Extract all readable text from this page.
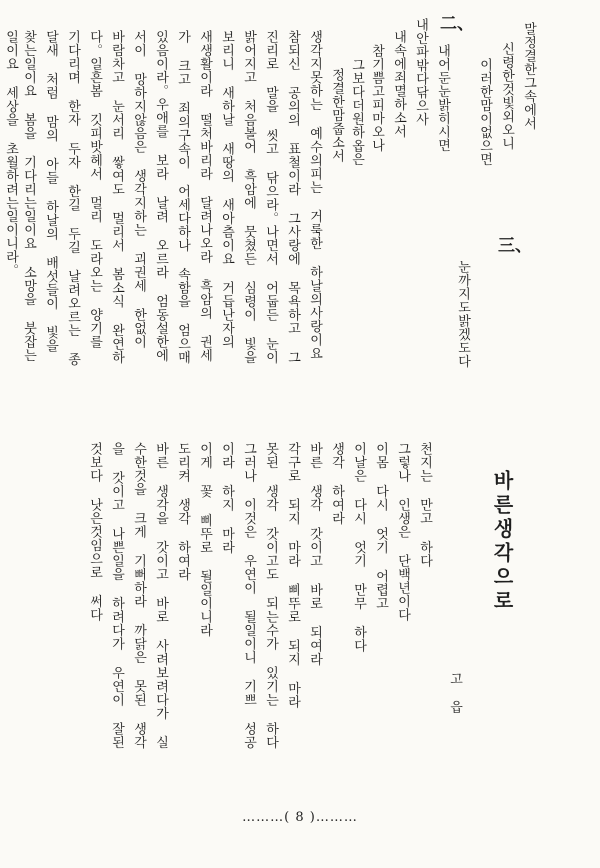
三、
말정결한그속에서
신령한것빛외오니
이러한맘이없으면
눈까지도밝겠도다
二、
내안파밖다닦으사
내속에죄멸하소서 내어둔눈밝히시면
참기쁨고피마오나
그보다더원하옵은
정결한맘줍소서
생각지못하는 예수의피는 거룩한 하날의사랑이요
참되신 공의의 표철이라 그사랑에 목욕하고 그
진리로 말을 씻고 닦으라。나면서 어둡든 눈이
밝어지고 처음볼어 흑암에 뭇쳤든 심령이 빛을
보리니 새하날 새땅의 새아츰이요 거듭난자의
새생활이라 떨처바리라 달려나오라 흑암의 권세
가 크고 죄의구속이 어세다하나 속함을 엄으매
있음이라。우애를 보라 날려 오르라 엄동설한에
서이 망하지않음은 생각지하는 괴권세 한없이
바람차고 눈서리 쌓여도 멀리서 봄소식 완연하
다。일흔봄 깃피밧헤서 멀리 도라오는 양기를
기다리며 한자 두자 한길 두길 날려오르는 종
달새 처럼 맘의 아들 하날의 배섯들이 빛을
찾는일이요 봄을 기다리는일이요 소망을 붓잡는
일이요 세상을 초월하려는일이니라。
바른생각으로
고 읍
천지는 만고 하다
그렇나 인생은 단백년이다
이몸 다시 엇기 어렵고
이날은 다시 엇기 만무 하다
생각 하여라
바른 생각 갓이고 바로 되여라
각구로 되지 마라 삐뚜로 되지 마라
못된 생각 갓이고도 되는수가 있기는 하다
그러나 이것은 우연이 될일이니 기쁘 성공
이라 하지 마라
이게 꽃 삐뚜로 될일이니라
도리켜 생각 하여라
바른 생각을 갓이고 바로 사려보려다가 실
수한것을 크게 기뻐하라 까닭은 못된 생각
을 갓이고 나쁜일을 하려다가 우연이 잘된
것보다 낫은것임으로 써다
………( 8 )………
